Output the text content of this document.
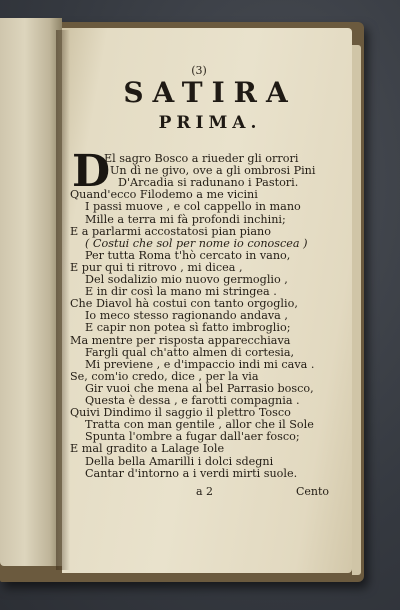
(3)
SATIRA
PRIMA.
D
El sagro Bosco a riueder gli orrori
Un dì ne givo, ove a gli ombrosi Pini
D'Arcadia si radunano i Pastori.
Quand'ecco Filodemo a me vicini
I passi muove , e col cappello in mano
Mille a terra mi fà profondi inchini;
E a parlarmi accostatosi pian piano
( Costui che sol per nome io conoscea )
Per tutta Roma t'hò cercato in vano,
E pur qui ti ritrovo , mi dicea ,
Del sodalizio mio nuovo germoglio ,
E in dir così la mano mi stringea .
Che Diavol hà costui con tanto orgoglio,
Io meco stesso ragionando andava ,
E capir non potea sì fatto imbroglio;
Ma mentre per risposta apparecchiava
Fargli qual ch'atto almen di cortesia,
Mi previene , e d'impaccio indi mi cava .
Se, com'io credo, dice , per la via
Gir vuoi che mena al bel Parrasio bosco,
Questa è dessa , e farotti compagnia .
Quivi Dindimo il saggio il plettro Tosco
Tratta con man gentile , allor che il Sole
Spunta l'ombre a fugar dall'aer fosco;
E mal gradito a Lalage Iole
Della bella Amarilli i dolci sdegni
Cantar d'intorno a i verdi mirti suole.
a 2	Cento
